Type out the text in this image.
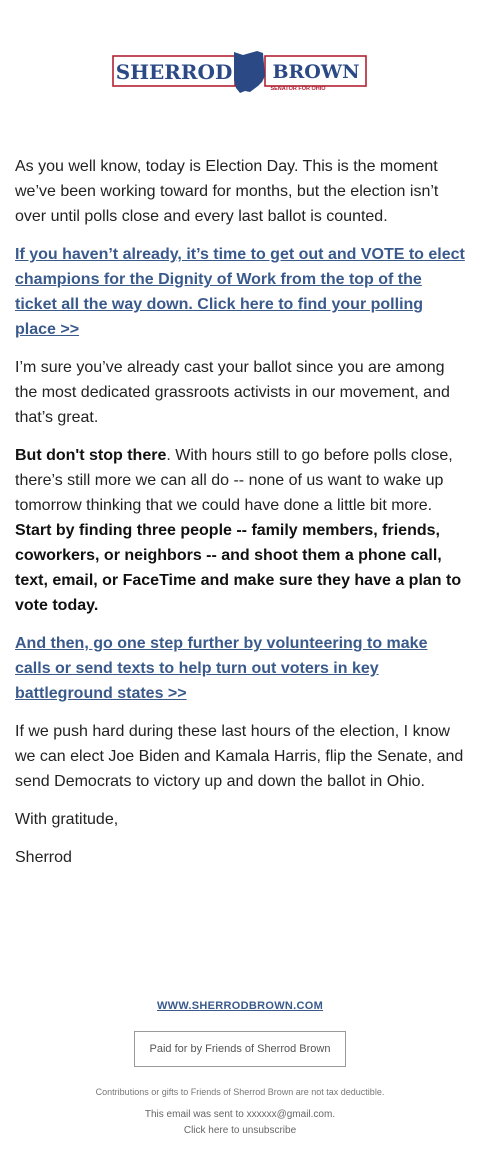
SHERROD BROWN
SENATOR FOR OHIO

As you well know, today is Election Day. This is the moment we’ve been working toward for months, but the election isn’t over until polls close and every last ballot is counted.

If you haven’t already, it’s time to get out and VOTE to elect champions for the Dignity of Work from the top of the ticket all the way down. Click here to find your polling place >>

I’m sure you’ve already cast your ballot since you are among the most dedicated grassroots activists in our movement, and that’s great.

But don't stop there. With hours still to go before polls close, there’s still more we can all do -- none of us want to wake up tomorrow thinking that we could have done a little bit more. Start by finding three people -- family members, friends, coworkers, or neighbors -- and shoot them a phone call, text, email, or FaceTime and make sure they have a plan to vote today.

And then, go one step further by volunteering to make calls or send texts to help turn out voters in key battleground states >>

If we push hard during these last hours of the election, I know we can elect Joe Biden and Kamala Harris, flip the Senate, and send Democrats to victory up and down the ballot in Ohio.

With gratitude,

Sherrod

WWW.SHERRODBROWN.COM
Paid for by Friends of Sherrod Brown
Contributions or gifts to Friends of Sherrod Brown are not tax deductible.
This email was sent to xxxxxx@gmail.com.
Click here to unsubscribe
